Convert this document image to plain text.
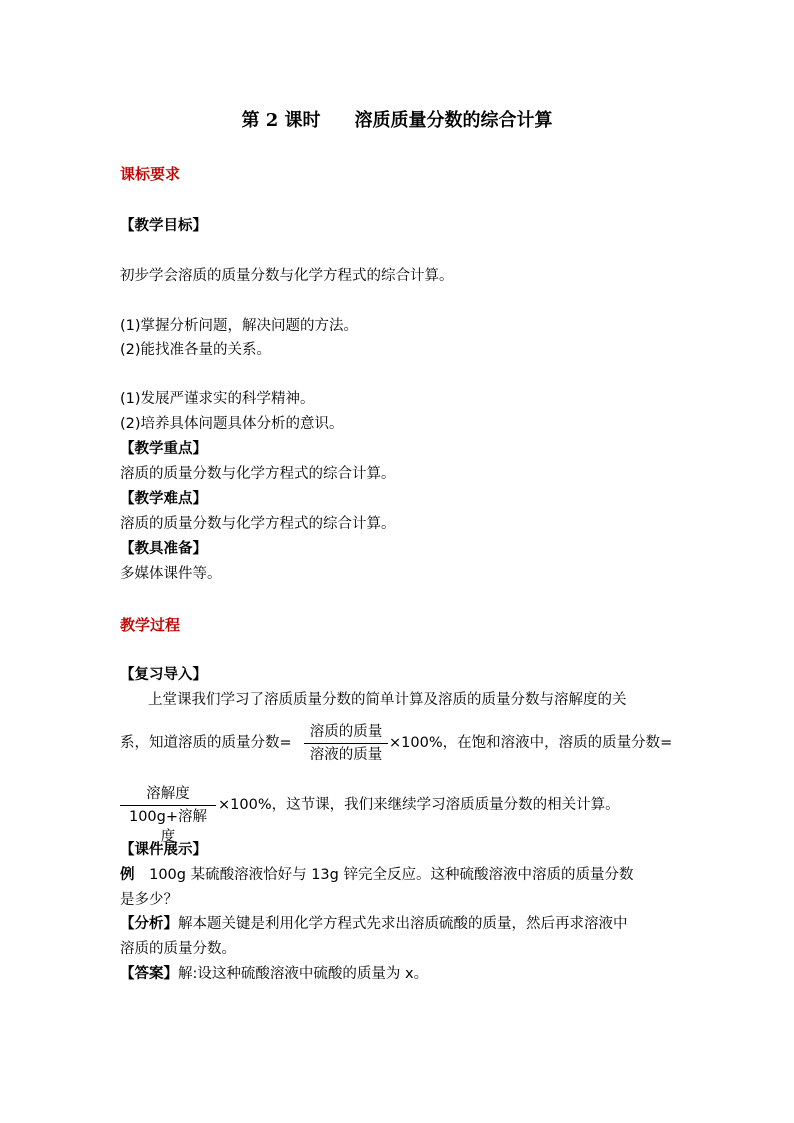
第 2 课时 溶质质量分数的综合计算
课标要求
【教学目标】
初步学会溶质的质量分数与化学方程式的综合计算。
(1)掌握分析问题，解决问题的方法。
(2)能找准各量的关系。
(1)发展严谨求实的科学精神。
(2)培养具体问题具体分析的意识。
【教学重点】
溶质的质量分数与化学方程式的综合计算。
【教学难点】
溶质的质量分数与化学方程式的综合计算。
【教具准备】
多媒体课件等。
教学过程
【复习导入】
上堂课我们学习了溶质质量分数的简单计算及溶质的质量分数与溶解度的关
系，知道溶质的质量分数=
溶质的质量
溶液的质量
×100%，在饱和溶液中，溶质的质量分数=
溶解度
100g+溶解度
×100%，这节课，我们来继续学习溶质质量分数的相关计算。
【课件展示】
例 100g 某硫酸溶液恰好与 13g 锌完全反应。这种硫酸溶液中溶质的质量分数
是多少？
【分析】解本题关键是利用化学方程式先求出溶质硫酸的质量，然后再求溶液中
溶质的质量分数。
【答案】解:设这种硫酸溶液中硫酸的质量为 x。
